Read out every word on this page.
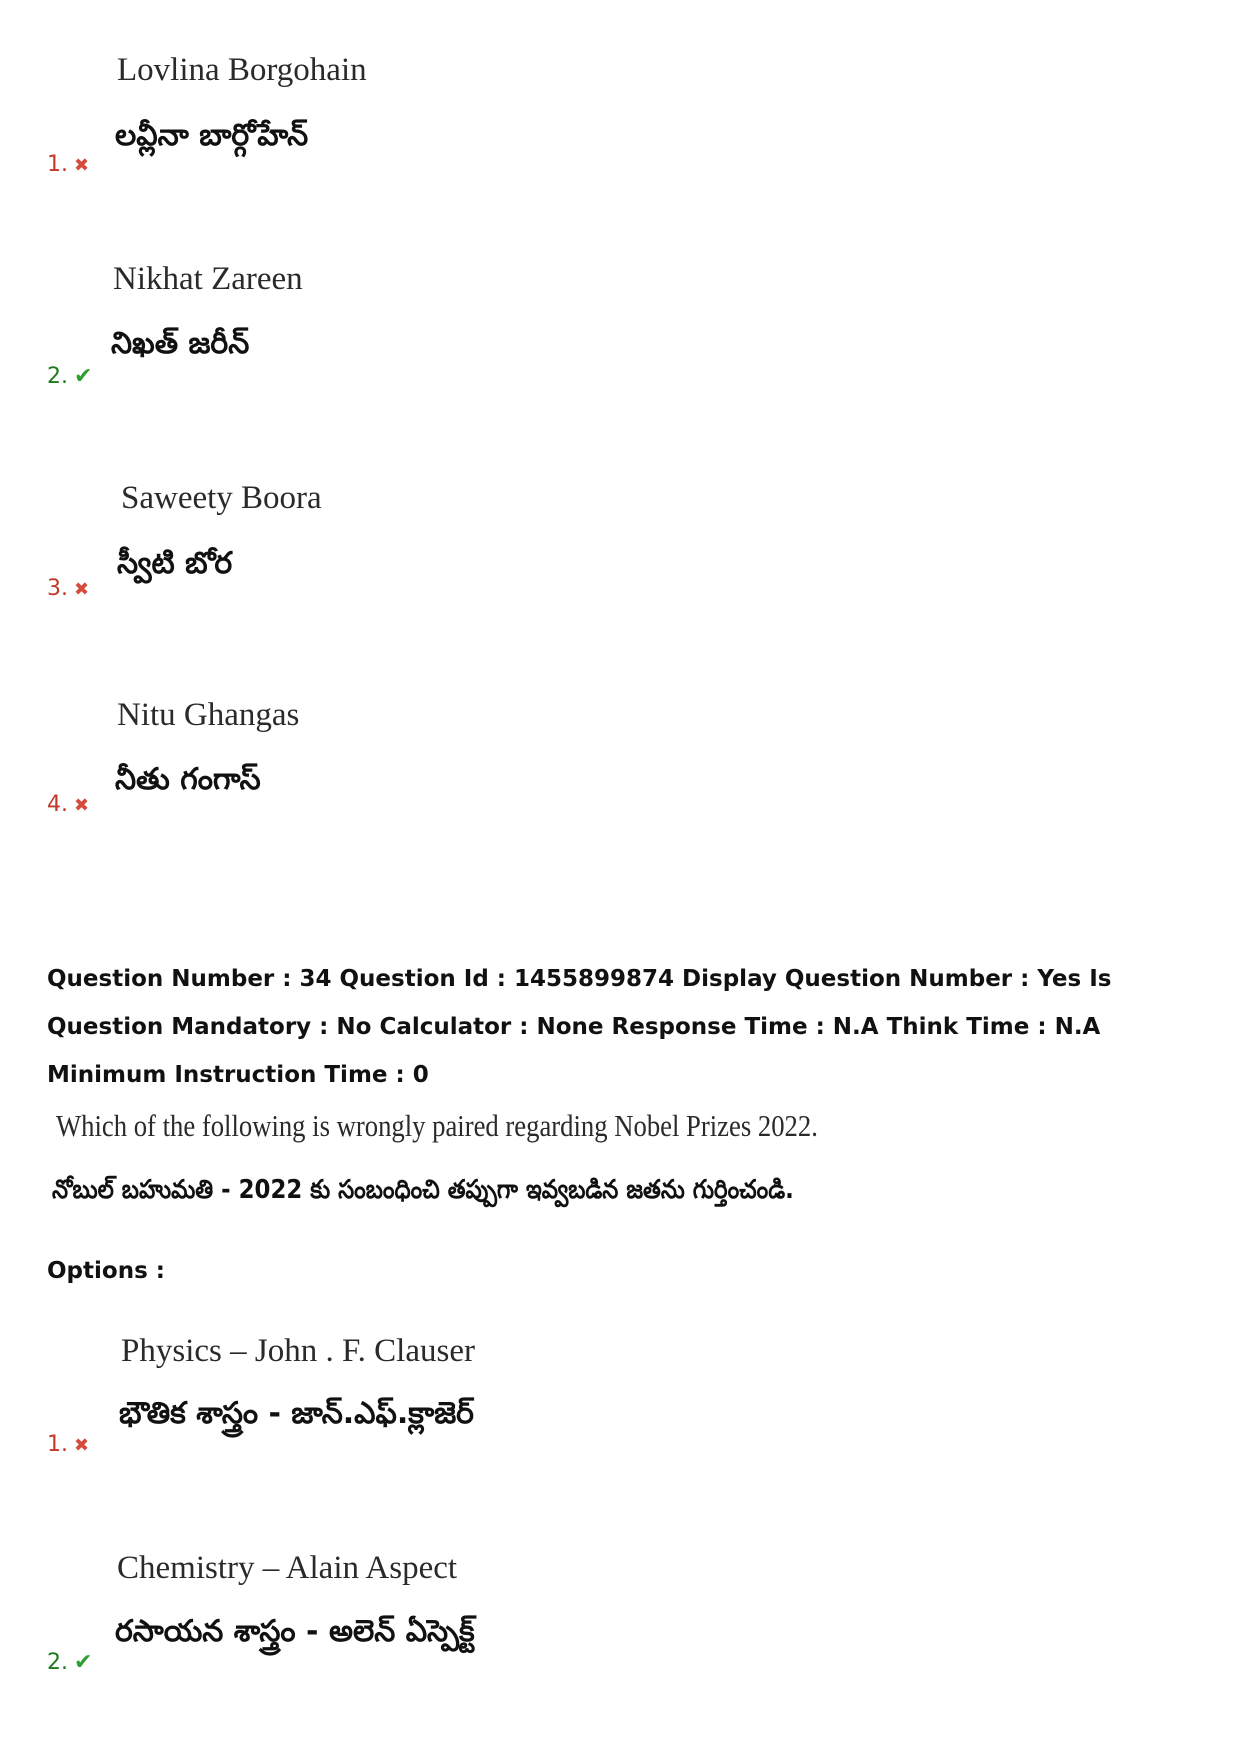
Lovlina Borgohain
లవ్లీనా బార్గోహేన్
1. ✖
Nikhat Zareen
నిఖత్ జరీన్
2. ✔
Saweety Boora
స్వీటి బోర
3. ✖
Nitu Ghangas
నీతు గంగాస్
4. ✖
Question Number : 34 Question Id : 1455899874 Display Question Number : Yes Is Question Mandatory : No Calculator : None Response Time : N.A Think Time : N.A Minimum Instruction Time : 0
Which of the following is wrongly paired regarding Nobel Prizes 2022.
నోబుల్ బహుమతి - 2022 కు సంబంధించి తప్పుగా ఇవ్వబడిన జతను గుర్తించండి.
Options :
Physics – John . F. Clauser
భౌతిక శాస్త్రం - జాన్.ఎఫ్.క్లాజెర్
1. ✖
Chemistry – Alain Aspect
రసాయన శాస్త్రం - అలెన్ ఏస్పెక్ట్
2. ✔
